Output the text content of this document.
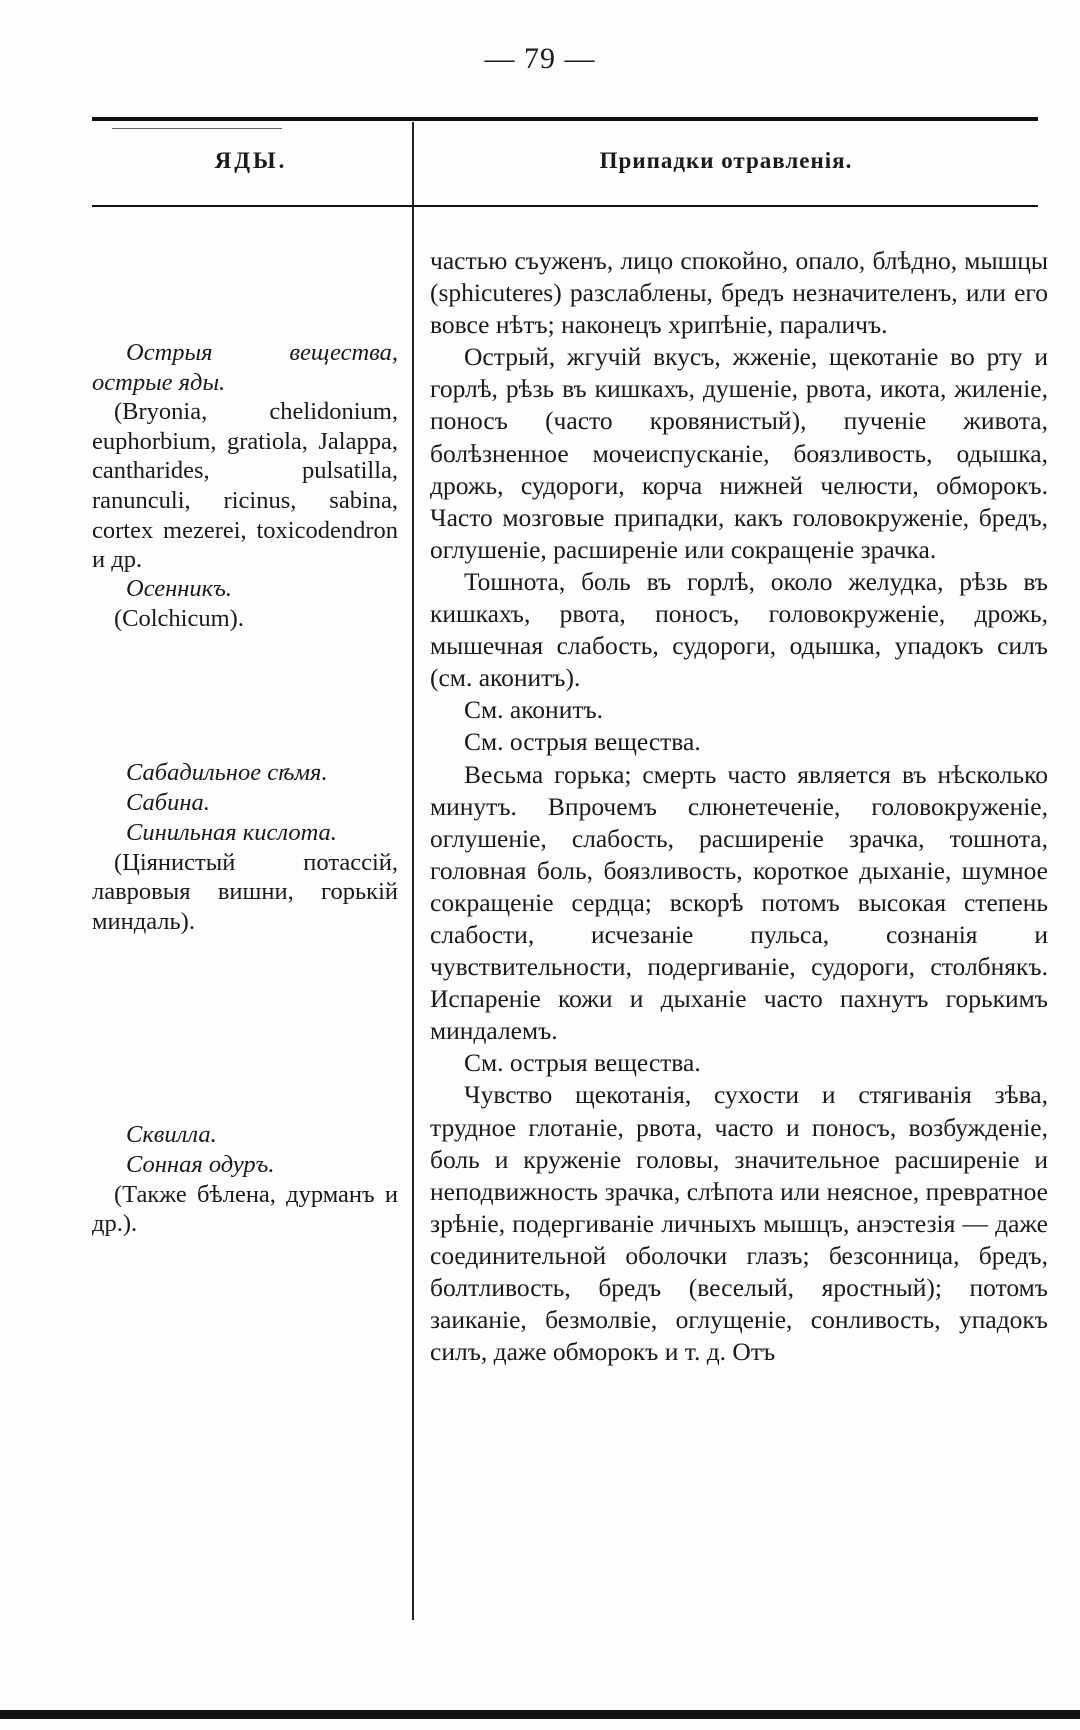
— 79 —
ЯДЫ.	Припадки отравленія.
Острыя вещества, острые яды.
(Bryonia, chelidonium, euphorbium, gratiola, Jalappa, cantharides, pulsatilla, ranunculi, ricinus, sabina, cortex mezerei, toxicodendron и др.
Осенникъ.
(Colchicum).
Сабадильное сѣмя.
Сабина.
Синильная кислота.
(Ціянистый потассій, лавровыя вишни, горькій миндаль).
Сквилла.
Сонная одуръ.
(Также бѣлена, дурманъ и др.).

частью съуженъ, лицо спокойно, опало, блѣдно, мышцы (sphicuteres) разслаблены, бредъ незначителенъ, или его вовсе нѣтъ; наконецъ хрипѣніе, параличъ.

Острый, жгучій вкусъ, жженіе, щекотаніе во рту и горлѣ, рѣзь въ кишкахъ, душеніе, рвота, икота, жиленіе, поносъ (часто кровянистый), пученіе живота, болѣзненное мочеиспусканіе, боязливость, одышка, дрожь, судороги, корча нижней челюсти, обморокъ. Часто мозговые припадки, какъ головокруженіе, бредъ, оглушеніе, расширеніе или сокращеніе зрачка.

Тошнота, боль въ горлѣ, около желудка, рѣзь въ кишкахъ, рвота, поносъ, головокруженіе, дрожь, мышечная слабость, судороги, одышка, упадокъ силъ (см. аконитъ).

См. аконитъ.

См. острыя вещества.

Весьма горька; смерть часто является въ нѣсколько минутъ. Впрочемъ слюнетеченіе, головокруженіе, оглушеніе, слабость, расширеніе зрачка, тошнота, головная боль, боязливость, короткое дыханіе, шумное сокращеніе сердца; вскорѣ потомъ высокая степень слабости, исчезаніе пульса, сознанія и чувствительности, подергиваніе, судороги, столбнякъ. Испареніе кожи и дыханіе часто пахнутъ горькимъ миндалемъ.

См. острыя вещества.

Чувство щекотанія, сухости и стягиванія зѣва, трудное глотаніе, рвота, часто и поносъ, возбужденіе, боль и круженіе головы, значительное расширеніе и неподвижность зрачка, слѣпота или неясное, превратное зрѣніе, подергиваніе личныхъ мышцъ, анэстезія — даже соединительной оболочки глазъ; безсонница, бредъ, болтливость, бредъ (веселый, яростный); потомъ заиканіе, безмолвіе, оглущеніе, сонливость, упадокъ силъ, даже обморокъ и т. д. Отъ
